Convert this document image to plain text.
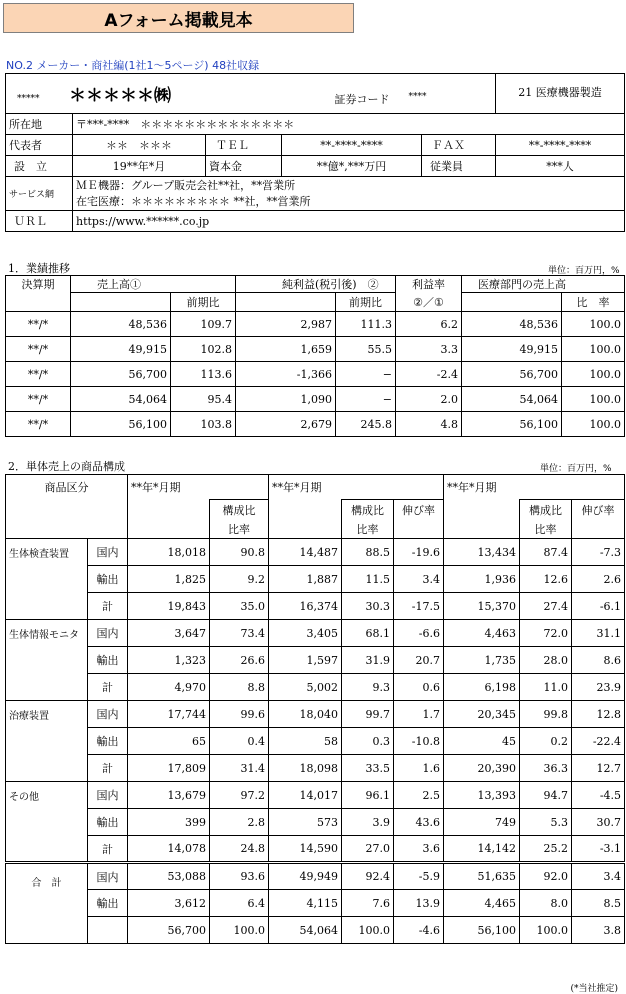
Aフォーム掲載見本
NO.2 メーカー・商社編(1社1〜5ページ) 48社収録
***** ＊＊＊＊＊㈱ 証券コード ****					21 医療機器製造
所在地	〒***-****　＊＊＊＊＊＊＊＊＊＊＊＊＊＊				
代表者	＊＊　＊＊＊	ＴＥＬ	**-****-****	ＦＡＸ	**-****-****
設　立	19**年*月	資本金	**億*,***万円	従業員	***人
サービス網	ＭＥ機器：グループ販売会社**社，**営業所
在宅医療：＊＊＊＊＊＊＊＊＊ **社，**営業所				

ＵＲＬ	https://www.******.co.jp				
1．業績推移	単位：百万円，%
決算期	売上高①		純利益(税引後)　②		利益率	医療部門の売上高	
		前期比		前期比	②／①		比　率
**/*	48,536	109.7	2,987	111.3	6.2	48,536	100.0
**/*	49,915	102.8	1,659	55.5	3.3	49,915	100.0
**/*	56,700	113.6	-1,366	−	-2.4	56,700	100.0
**/*	54,064	95.4	1,090	−	2.0	54,064	100.0
**/*	56,100	103.8	2,679	245.8	4.8	56,100	100.0
2．単体売上の商品構成	単位：百万円，%
商品区分		**年*月期		**年*月期			**年*月期		
			構成比		構成比	伸び率		構成比	伸び率
			比率		比率			比率	
生体検査装置	国内	18,018	90.8	14,487	88.5	-19.6	13,434	87.4	-7.3
	輸出	1,825	9.2	1,887	11.5	3.4	1,936	12.6	2.6
	計	19,843	35.0	16,374	30.3	-17.5	15,370	27.4	-6.1
生体情報モニタ	国内	3,647	73.4	3,405	68.1	-6.6	4,463	72.0	31.1
	輸出	1,323	26.6	1,597	31.9	20.7	1,735	28.0	8.6
	計	4,970	8.8	5,002	9.3	0.6	6,198	11.0	23.9
治療装置	国内	17,744	99.6	18,040	99.7	1.7	20,345	99.8	12.8
	輸出	65	0.4	58	0.3	-10.8	45	0.2	-22.4
	計	17,809	31.4	18,098	33.5	1.6	20,390	36.3	12.7
その他	国内	13,679	97.2	14,017	96.1	2.5	13,393	94.7	-4.5
	輸出	399	2.8	573	3.9	43.6	749	5.3	30.7
	計	14,078	24.8	14,590	27.0	3.6	14,142	25.2	-3.1
合　計	国内	53,088	93.6	49,949	92.4	-5.9	51,635	92.0	3.4
	輸出	3,612	6.4	4,115	7.6	13.9	4,465	8.0	8.5
		56,700	100.0	54,064	100.0	-4.6	56,100	100.0	3.8
(*当社推定)
